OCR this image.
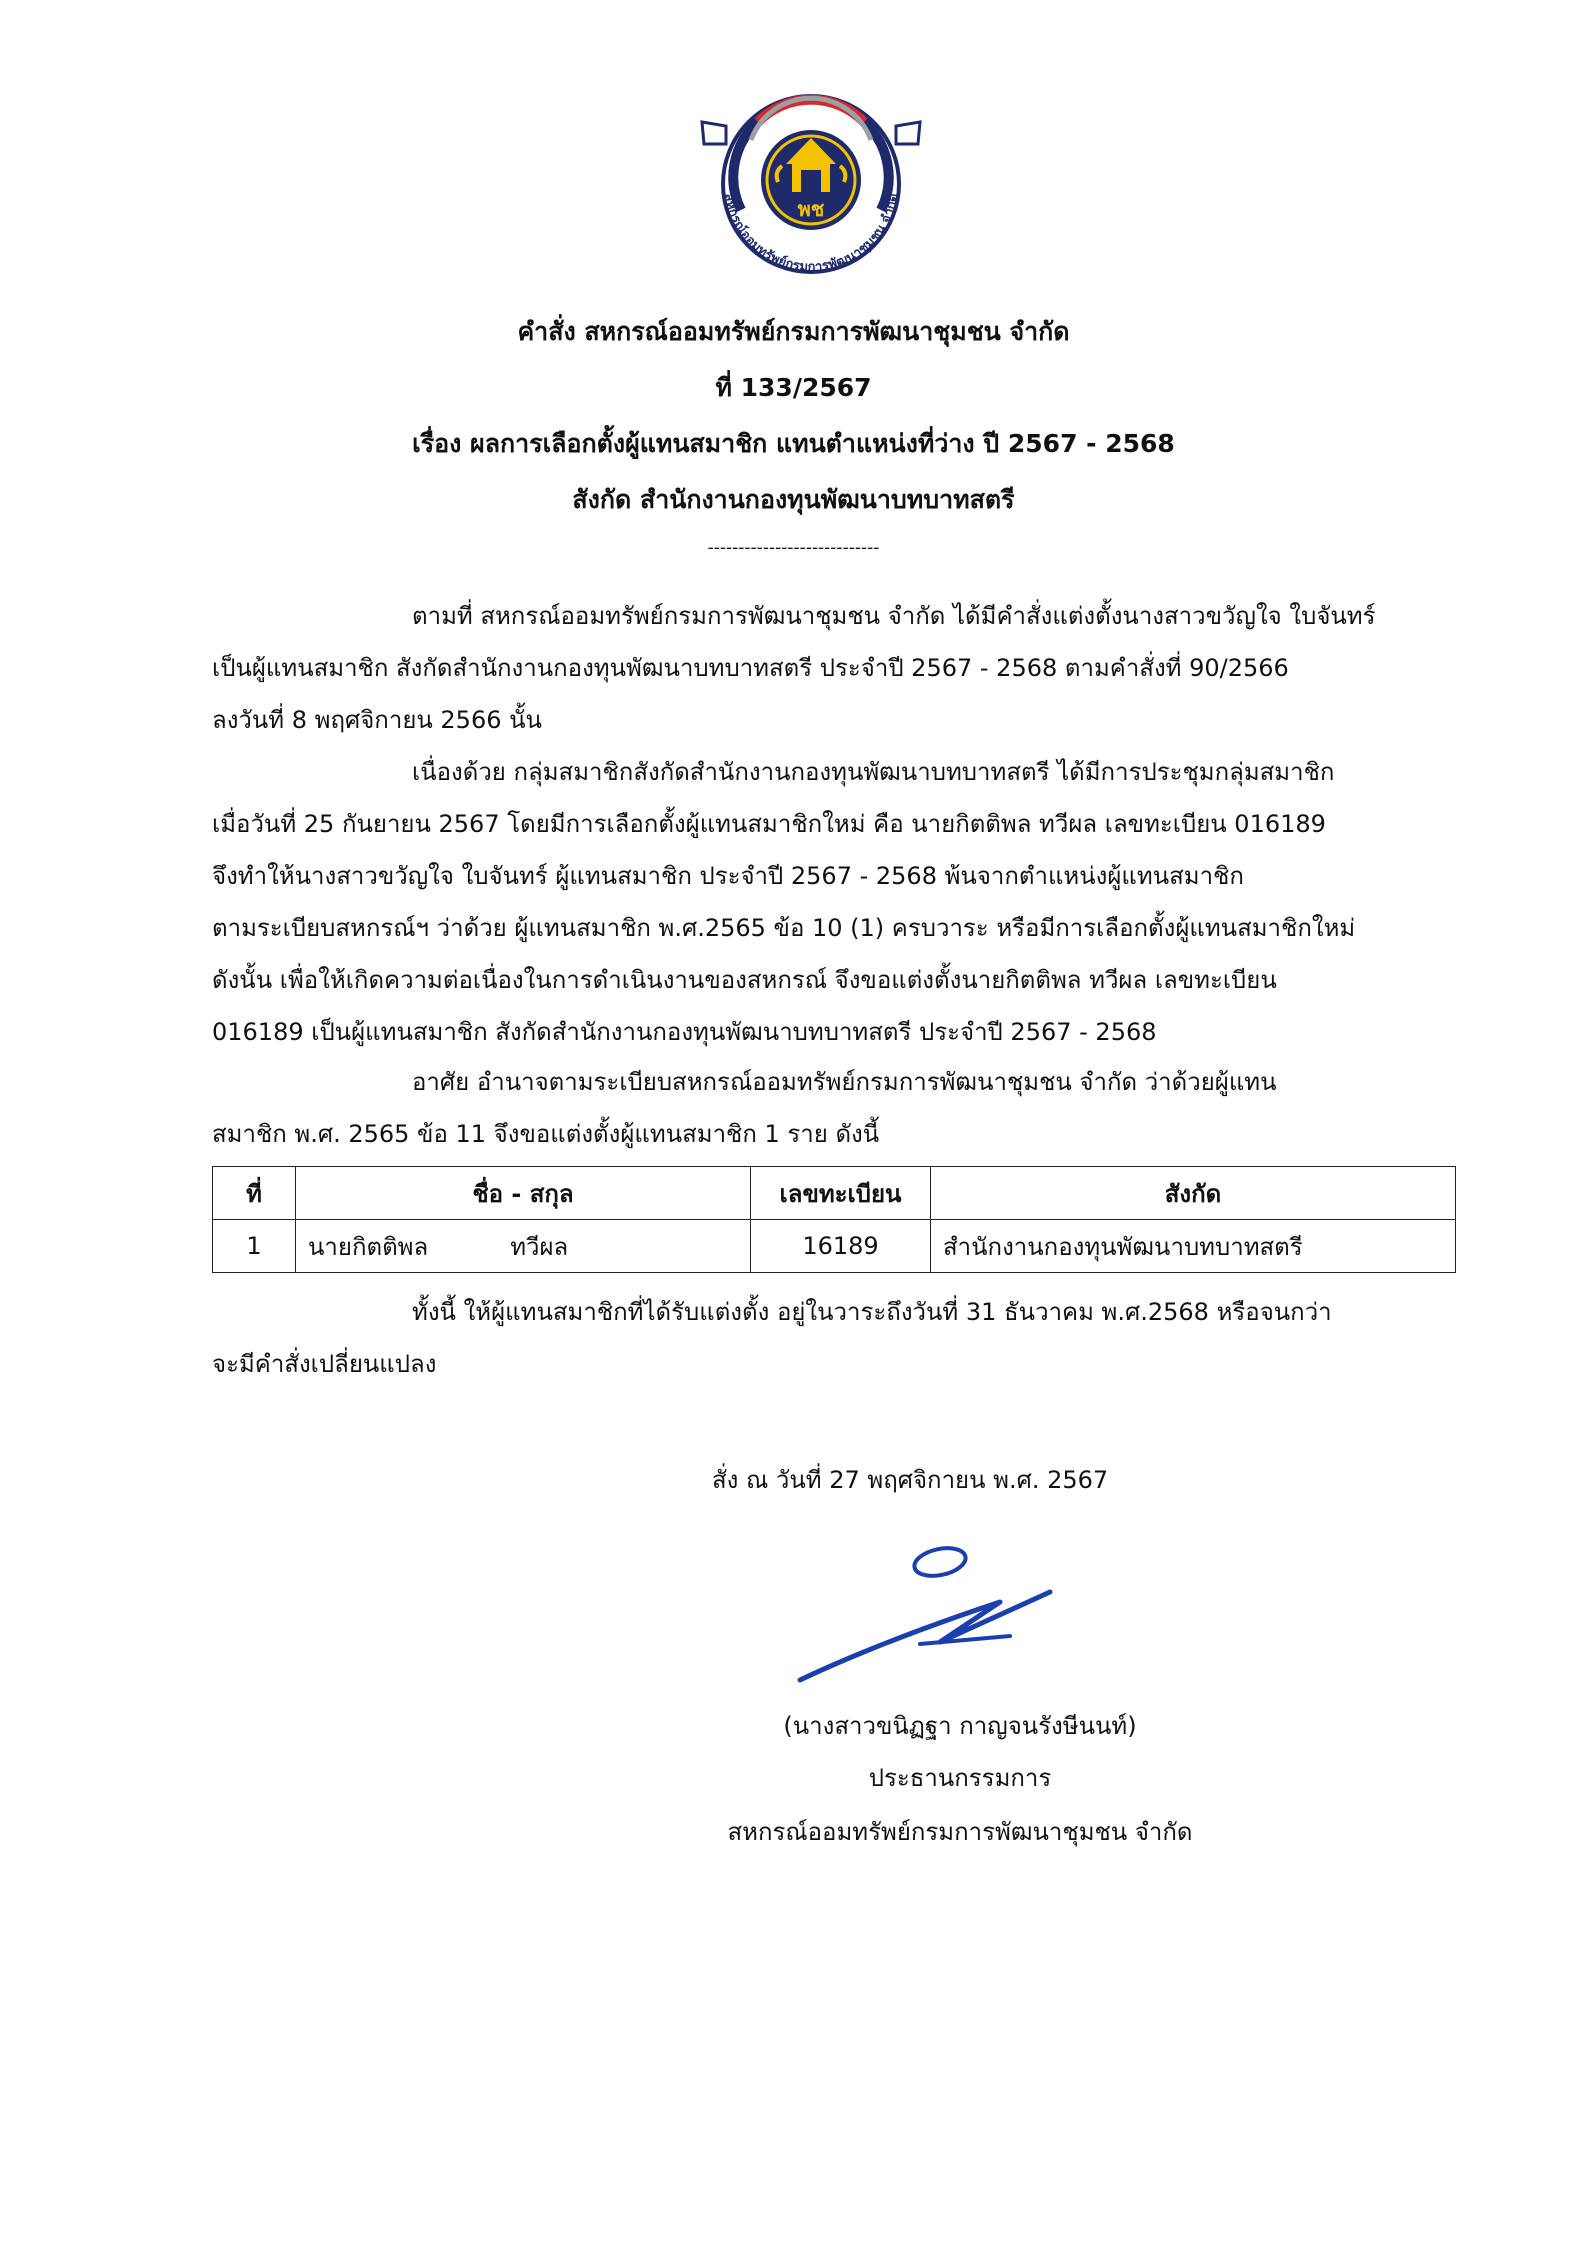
พช
สหกรณ์ออมทรัพย์กรมการพัฒนาชุมชน จำกัด
คำสั่ง สหกรณ์ออมทรัพย์กรมการพัฒนาชุมชน จำกัด
ที่ 133/2567
เรื่อง ผลการเลือกตั้งผู้แทนสมาชิก แทนตำแหน่งที่ว่าง ปี 2567 - 2568
สังกัด สำนักงานกองทุนพัฒนาบทบาทสตรี
----------------------------
ตามที่ สหกรณ์ออมทรัพย์กรมการพัฒนาชุมชน จำกัด ได้มีคำสั่งแต่งตั้งนางสาวขวัญใจ ใบจันทร์
เป็นผู้แทนสมาชิก สังกัดสำนักงานกองทุนพัฒนาบทบาทสตรี ประจำปี 2567 - 2568 ตามคำสั่งที่ 90/2566
ลงวันที่ 8 พฤศจิกายน 2566 นั้น
เนื่องด้วย กลุ่มสมาชิกสังกัดสำนักงานกองทุนพัฒนาบทบาทสตรี ได้มีการประชุมกลุ่มสมาชิก
เมื่อวันที่ 25 กันยายน 2567 โดยมีการเลือกตั้งผู้แทนสมาชิกใหม่ คือ นายกิตติพล ทวีผล เลขทะเบียน 016189
จึงทำให้นางสาวขวัญใจ ใบจันทร์ ผู้แทนสมาชิก ประจำปี 2567 - 2568 พ้นจากตำแหน่งผู้แทนสมาชิก
ตามระเบียบสหกรณ์ฯ ว่าด้วย ผู้แทนสมาชิก พ.ศ.2565 ข้อ 10 (1) ครบวาระ หรือมีการเลือกตั้งผู้แทนสมาชิกใหม่
ดังนั้น เพื่อให้เกิดความต่อเนื่องในการดำเนินงานของสหกรณ์ จึงขอแต่งตั้งนายกิตติพล ทวีผล เลขทะเบียน
016189 เป็นผู้แทนสมาชิก สังกัดสำนักงานกองทุนพัฒนาบทบาทสตรี ประจำปี 2567 - 2568
อาศัย อำนาจตามระเบียบสหกรณ์ออมทรัพย์กรมการพัฒนาชุมชน จำกัด ว่าด้วยผู้แทน
สมาชิก พ.ศ. 2565 ข้อ 11 จึงขอแต่งตั้งผู้แทนสมาชิก 1 ราย ดังนี้
ที่	ชื่อ - สกุล	เลขทะเบียน	สังกัด
1	นายกิตติพล ทวีผล	16189	สำนักงานกองทุนพัฒนาบทบาทสตรี
ทั้งนี้ ให้ผู้แทนสมาชิกที่ได้รับแต่งตั้ง อยู่ในวาระถึงวันที่ 31 ธันวาคม พ.ศ.2568 หรือจนกว่า
จะมีคำสั่งเปลี่ยนแปลง
สั่ง ณ วันที่ 27 พฤศจิกายน พ.ศ. 2567
(นางสาวขนิฏฐา กาญจนรังษีนนท์)
ประธานกรรมการ
สหกรณ์ออมทรัพย์กรมการพัฒนาชุมชน จำกัด
